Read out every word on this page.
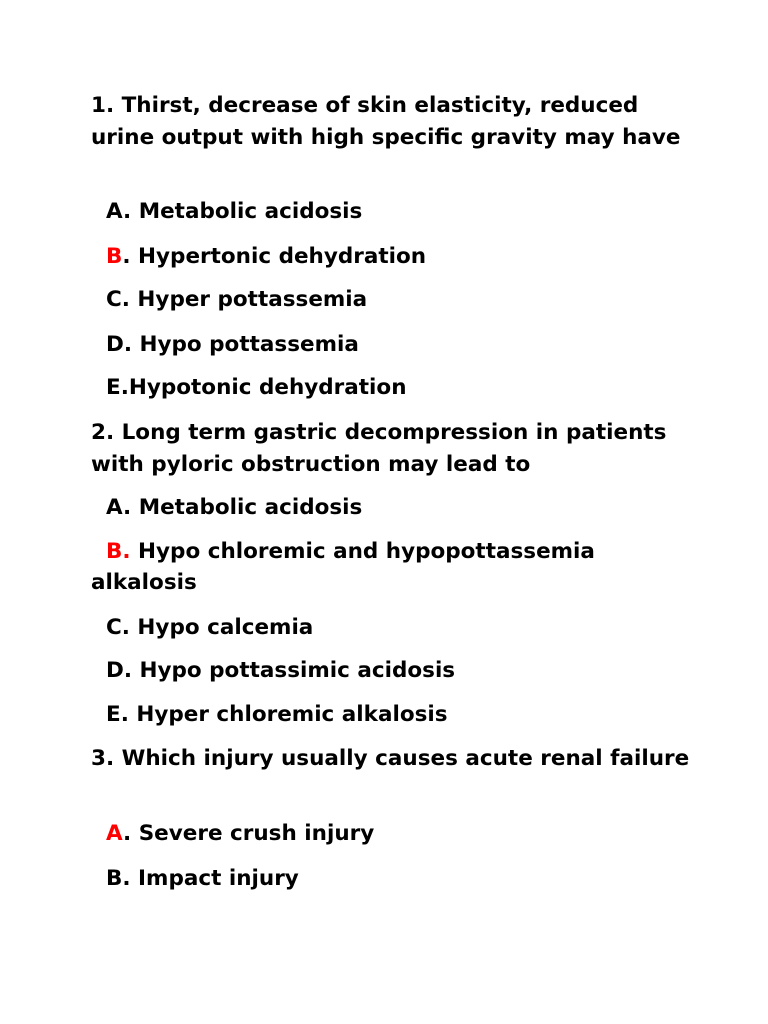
1. Thirst, decrease of skin elasticity, reduced urine output with high specific gravity may have

A. Metabolic acidosis

B. Hypertonic dehydration

C. Hyper pottassemia

D. Hypo pottassemia

E.Hypotonic dehydration

2. Long term gastric decompression in patients with pyloric obstruction may lead to

A. Metabolic acidosis

B. Hypo chloremic and hypopottassemia alkalosis

C. Hypo calcemia

D. Hypo pottassimic acidosis

E. Hyper chloremic alkalosis

3. Which injury usually causes acute renal failure

A. Severe crush injury

B. Impact injury
